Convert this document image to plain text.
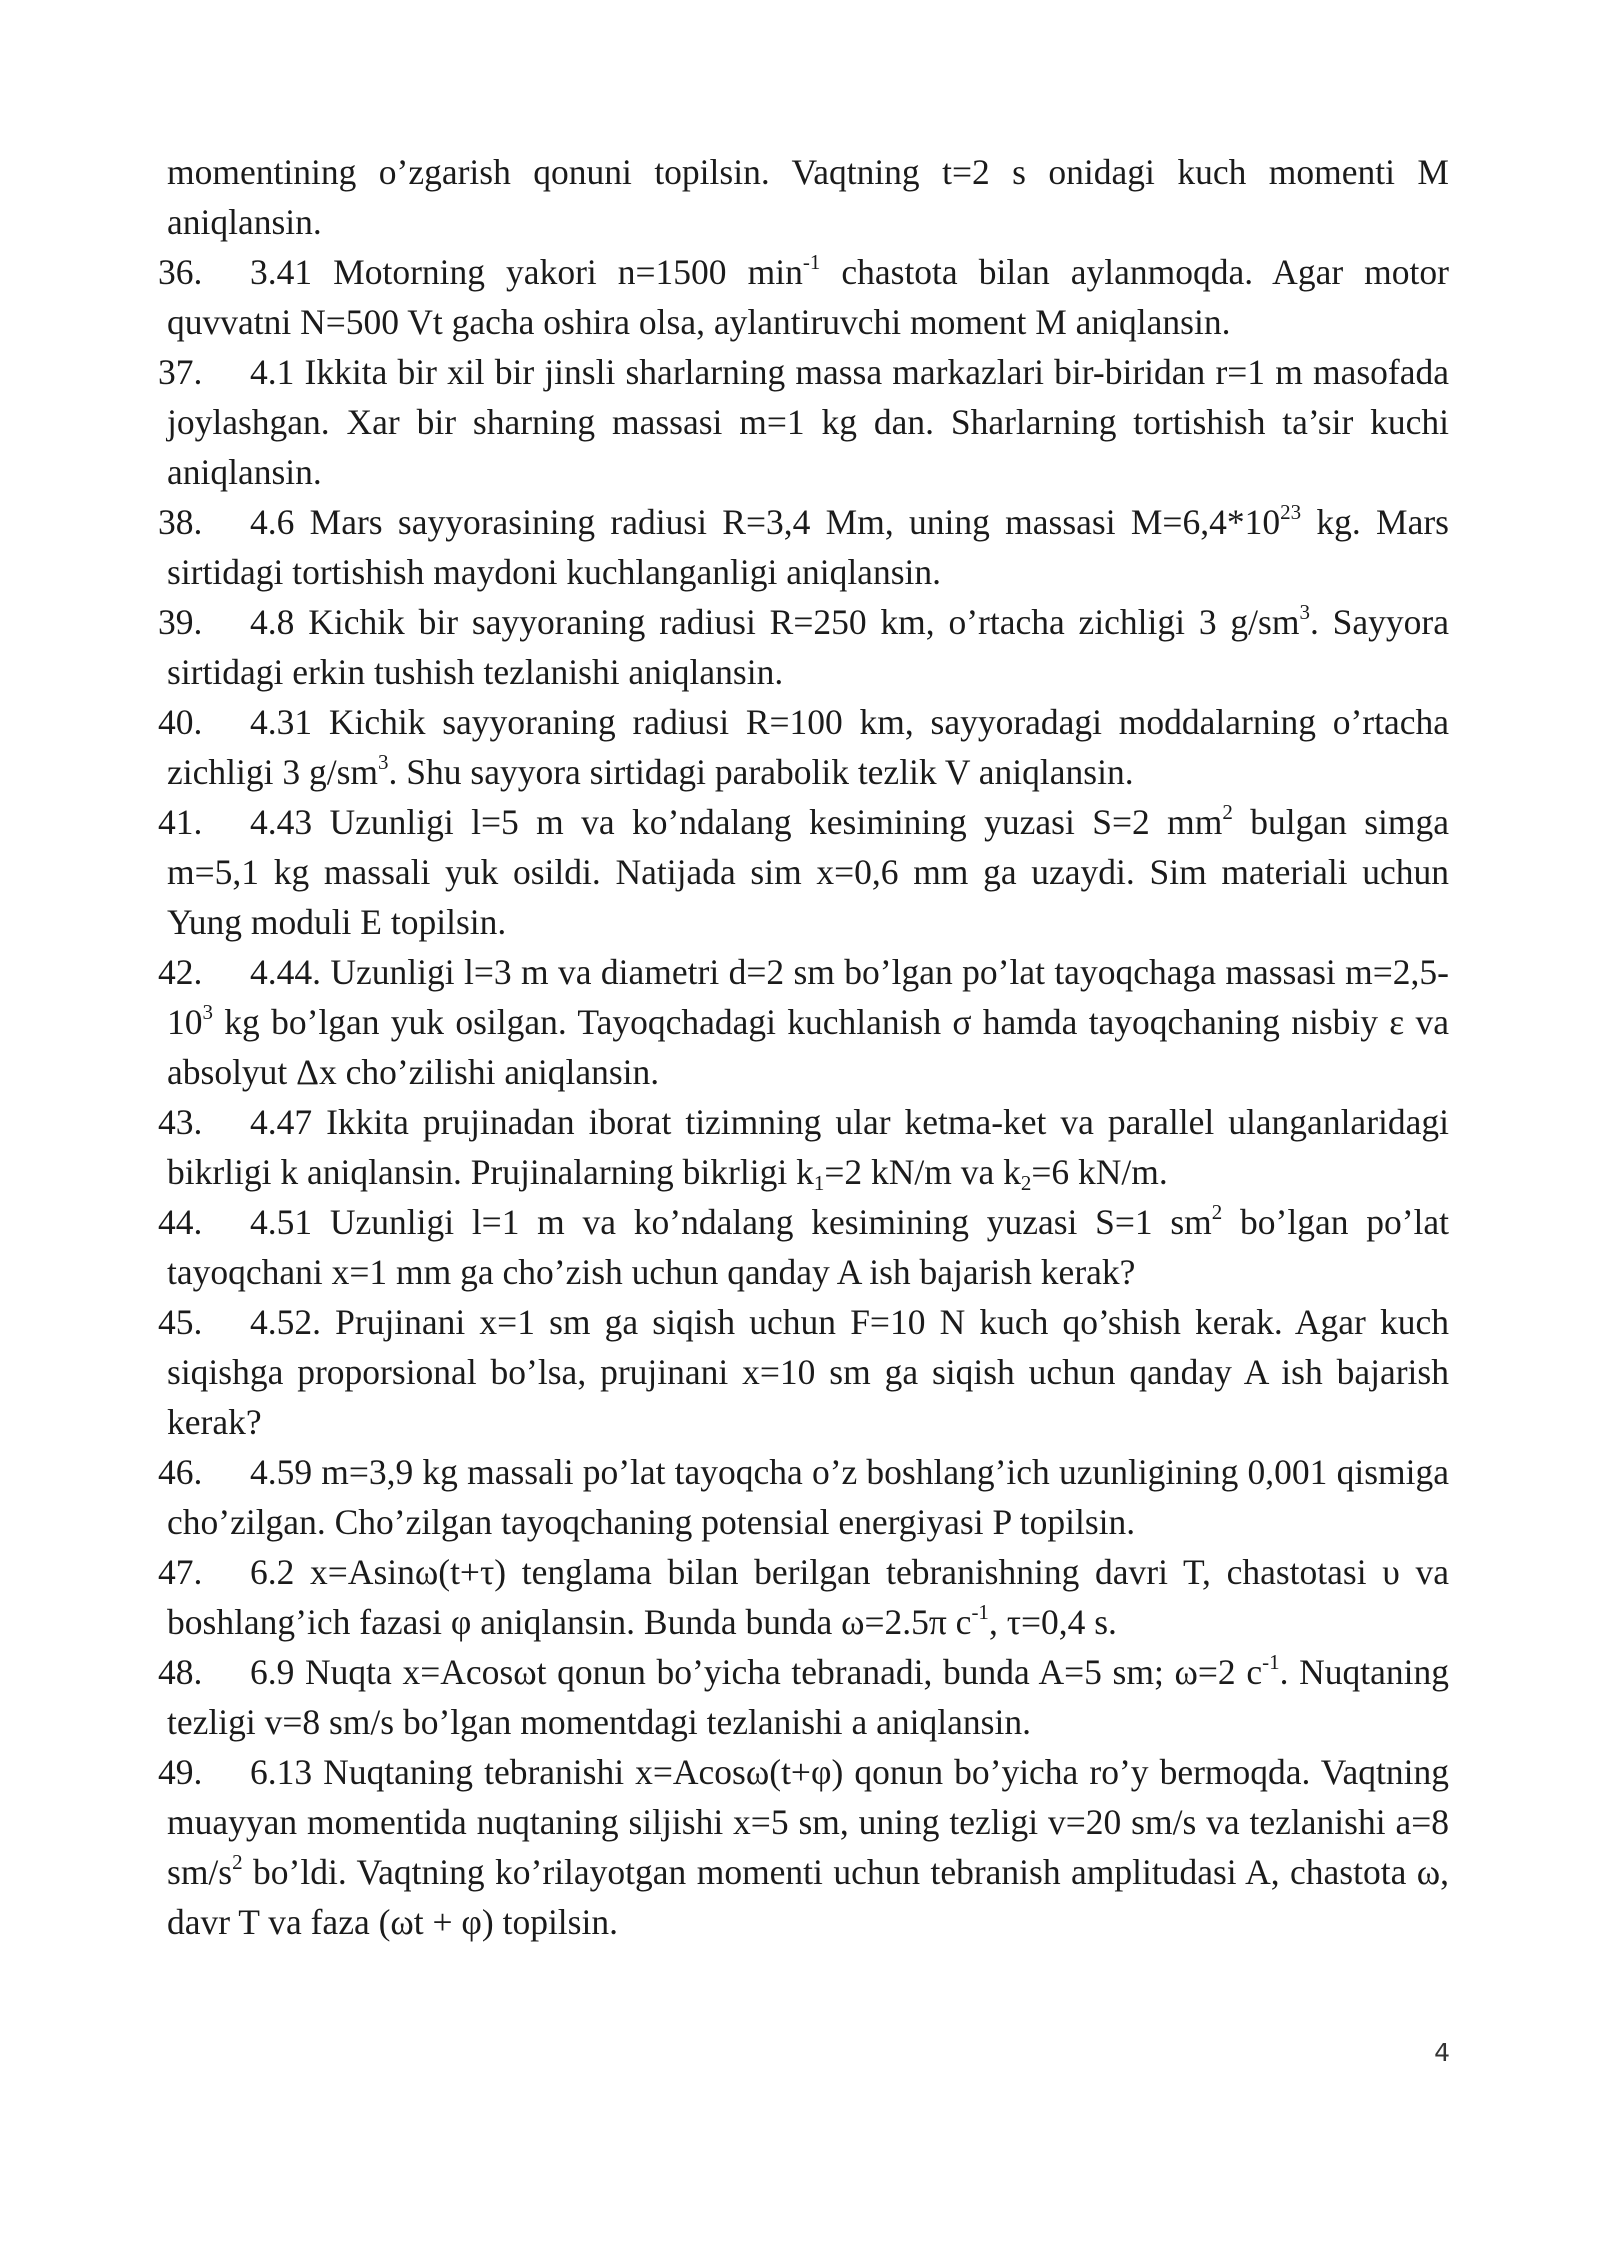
momentining o’zgarish qonuni topilsin. Vaqtning t=2 s onidagi kuch momenti M aniqlansin.

36.	3.41 Motorning yakori n=1500 $\min^{-1}$ chastota bilan aylanmoqda. Agar motor quvvatni N=500 Vt gacha oshira olsa, aylantiruvchi moment M aniqlansin.
37.	4.1 Ikkita bir xil bir jinsli sharlarning massa markazlari bir-biridan r=1 m masofada joylashgan. Xar bir sharning massasi m=1 kg dan. Sharlarning tortishish ta’sir kuchi aniqlansin.
38.	4.6 Mars sayyorasining radiusi R=3,4 Mm, uning massasi $M=6,4*10^{23}$ kg. Mars sirtidagi tortishish maydoni kuchlanganligi aniqlansin.
39.	4.8 Kichik bir sayyoraning radiusi R=250 km, o’rtacha zichligi 3 $g/sm^3$. Sayyora sirtidagi erkin tushish tezlanishi aniqlansin.
40.	4.31 Kichik sayyoraning radiusi R=100 km, sayyoradagi moddalarning o’rtacha zichligi 3 $g/sm^3$. Shu sayyora sirtidagi parabolik tezlik V aniqlansin.
41.	4.43 Uzunligi l=5 m va ko’ndalang kesimining yuzasi S=2 $mm^2$ bulgan simga m=5,1 kg massali yuk osildi. Natijada sim x=0,6 mm ga uzaydi. Sim materiali uchun Yung moduli E topilsin.
42.	4.44. Uzunligi l=3 m va diametri d=2 sm bo’lgan po’lat tayoqchaga massasi $m=2,5-10^3$ kg bo’lgan yuk osilgan. Tayoqchadagi kuchlanish σ hamda tayoqchaning nisbiy ε va absolyut Δx cho’zilishi aniqlansin.
43.	4.47 Ikkita prujinadan iborat tizimning ular ketma-ket va parallel ulanganlaridagi bikrligi k aniqlansin. Prujinalarning bikrligi $k_1=2$ kN/m va $k_2=6$ kN/m.
44.	4.51 Uzunligi l=1 m va ko’ndalang kesimining yuzasi S=1 $sm^2$ bo’lgan po’lat tayoqchani x=1 mm ga cho’zish uchun qanday A ish bajarish kerak?
45.	4.52. Prujinani x=1 sm ga siqish uchun F=10 N kuch qo’shish kerak. Agar kuch siqishga proporsional bo’lsa, prujinani x=10 sm ga siqish uchun qanday A ish bajarish kerak?
46.	4.59 m=3,9 kg massali po’lat tayoqcha o’z boshlang’ich uzunligining 0,001 qismiga cho’zilgan. Cho’zilgan tayoqchaning potensial energiyasi P topilsin.
47.	6.2 x=Asinω(t+τ) tenglama bilan berilgan tebranishning davri T, chastotasi υ va boshlang’ich fazasi φ aniqlansin. Bunda bunda ω=2.5π $c^{-1}$, τ=0,4 s.
48.	6.9 Nuqta x=Acosωt qonun bo’yicha tebranadi, bunda A=5 sm; ω=2 $c^{-1}$. Nuqtaning tezligi v=8 sm/s bo’lgan momentdagi tezlanishi a aniqlansin.
49.	6.13 Nuqtaning tebranishi x=Acosω(t+φ) qonun bo’yicha ro’y bermoqda. Vaqtning muayyan momentida nuqtaning siljishi x=5 sm, uning tezligi v=20 sm/s va tezlanishi a=8 $sm/s^2$ bo’ldi. Vaqtning ko’rilayotgan momenti uchun tebranish amplitudasi A, chastota ω, davr T va faza (ωt + φ) topilsin.
4
